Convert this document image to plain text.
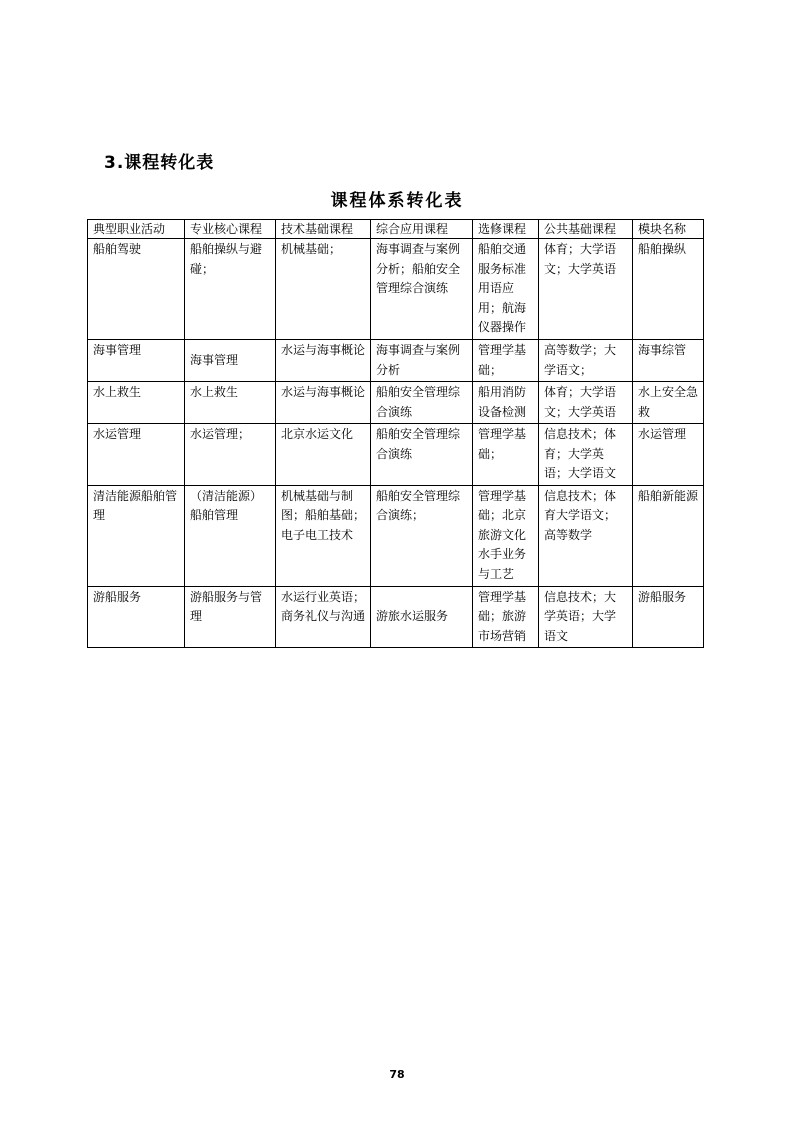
3.课程转化表
课程体系转化表
典型职业活动	专业核心课程	技术基础课程	综合应用课程	选修课程	公共基础课程	模块名称
船舶驾驶	船舶操纵与避碰；	机械基础；	海事调查与案例分析；船舶安全管理综合演练	船舶交通服务标准用语应用；航海仪器操作	体育；大学语文；大学英语	船舶操纵
海事管理	海事管理	水运与海事概论	海事调查与案例分析	管理学基础；	高等数学；大学语文；	海事综管
水上救生	水上救生	水运与海事概论	船舶安全管理综合演练	船用消防设备检测	体育；大学语文；大学英语	水上安全急救
水运管理	水运管理；	北京水运文化	船舶安全管理综合演练	管理学基础；	信息技术；体育；大学英语；大学语文	水运管理
清洁能源船舶管理	（清洁能源）船舶管理	机械基础与制图；船舶基础；电子电工技术	船舶安全管理综合演练；	管理学基础；北京旅游文化水手业务与工艺	信息技术；体育大学语文；高等数学	船舶新能源
游船服务	游船服务与管理	水运行业英语；商务礼仪与沟通	游旅水运服务	管理学基础；旅游市场营销	信息技术；大学英语；大学语文	游船服务
78
